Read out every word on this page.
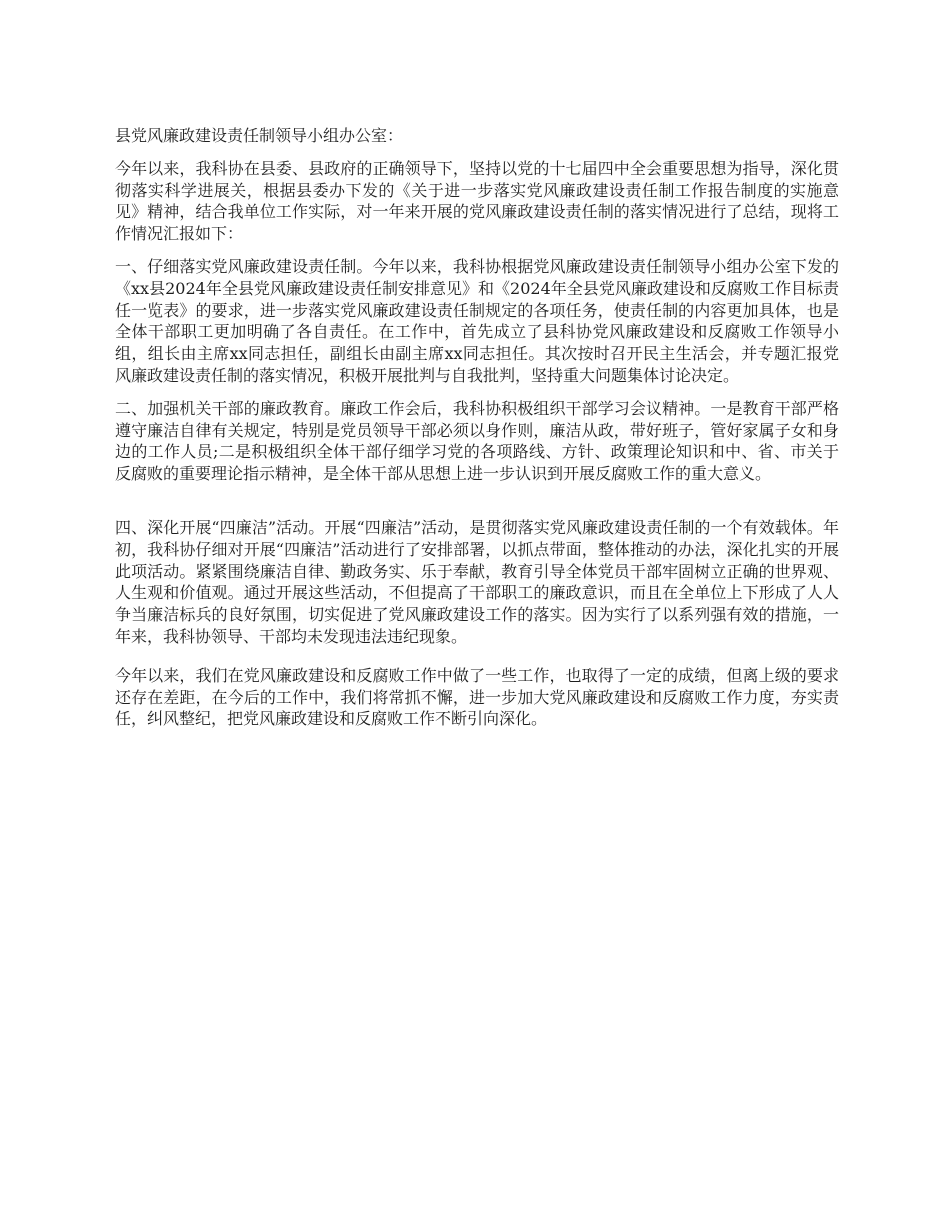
县党风廉政建设责任制领导小组办公室：

今年以来，我科协在县委、县政府的正确领导下，坚持以党的十七届四中全会重要思想为指导，深化贯彻落实科学进展关，根据县委办下发的《关于进一步落实党风廉政建设责任制工作报告制度的实施意见》精神，结合我单位工作实际，对一年来开展的党风廉政建设责任制的落实情况进行了总结，现将工作情况汇报如下：

一、仔细落实党风廉政建设责任制。今年以来，我科协根据党风廉政建设责任制领导小组办公室下发的《xx县2024年全县党风廉政建设责任制安排意见》和《2024年全县党风廉政建设和反腐败工作目标责任一览表》的要求，进一步落实党风廉政建设责任制规定的各项任务，使责任制的内容更加具体，也是全体干部职工更加明确了各自责任。在工作中，首先成立了县科协党风廉政建设和反腐败工作领导小组，组长由主席xx同志担任，副组长由副主席xx同志担任。其次按时召开民主生活会，并专题汇报党风廉政建设责任制的落实情况，积极开展批判与自我批判，坚持重大问题集体讨论决定。

二、加强机关干部的廉政教育。廉政工作会后，我科协积极组织干部学习会议精神。一是教育干部严格遵守廉洁自律有关规定，特别是党员领导干部必须以身作则，廉洁从政，带好班子，管好家属子女和身边的工作人员;二是积极组织全体干部仔细学习党的各项路线、方针、政策理论知识和中、省、市关于反腐败的重要理论指示精神，是全体干部从思想上进一步认识到开展反腐败工作的重大意义。

四、深化开展“四廉洁”活动。开展“四廉洁”活动，是贯彻落实党风廉政建设责任制的一个有效载体。年初，我科协仔细对开展“四廉洁”活动进行了安排部署，以抓点带面，整体推动的办法，深化扎实的开展此项活动。紧紧围绕廉洁自律、勤政务实、乐于奉献，教育引导全体党员干部牢固树立正确的世界观、人生观和价值观。通过开展这些活动，不但提高了干部职工的廉政意识，而且在全单位上下形成了人人争当廉洁标兵的良好氛围，切实促进了党风廉政建设工作的落实。因为实行了以系列强有效的措施，一年来，我科协领导、干部均未发现违法违纪现象。

今年以来，我们在党风廉政建设和反腐败工作中做了一些工作，也取得了一定的成绩，但离上级的要求还存在差距，在今后的工作中，我们将常抓不懈，进一步加大党风廉政建设和反腐败工作力度，夯实责任，纠风整纪，把党风廉政建设和反腐败工作不断引向深化。
